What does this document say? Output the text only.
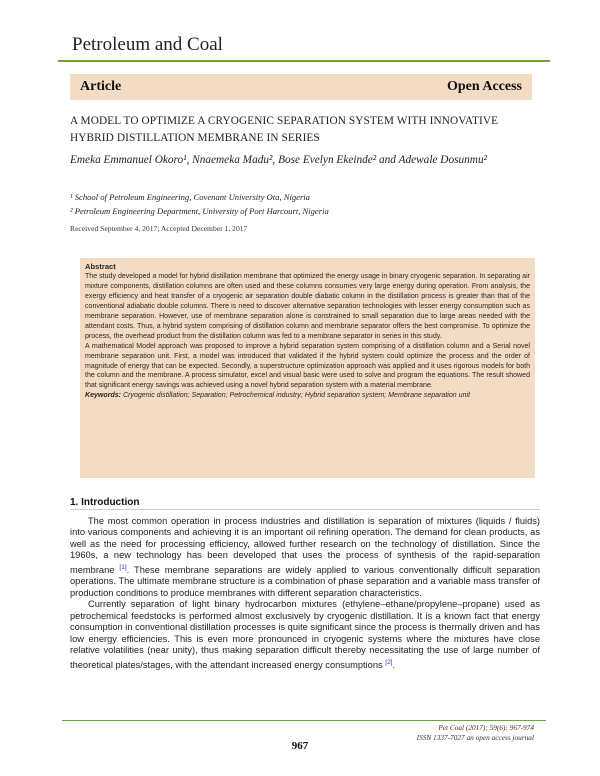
Petroleum and Coal
Article	Open Access
A MODEL TO OPTIMIZE A CRYOGENIC SEPARATION SYSTEM WITH INNOVATIVE HYBRID DISTILLATION MEMBRANE IN SERIES
Emeka Emmanuel Okoro¹, Nnaemeka Madu², Bose Evelyn Ekeinde² and Adewale Dosunmu²
¹ School of Petroleum Engineering, Covenant University Ota, Nigeria
² Petroleum Engineering Department, University of Port Harcourt, Nigeria
Received September 4, 2017; Accepted December 1, 2017

Abstract

The study developed a model for hybrid distillation membrane that optimized the energy usage in binary cryogenic separation. In separating air mixture components, distillation columns are often used and these columns consumes very large energy during operation. From analysis, the exergy efficiency and heat transfer of a cryogenic air separation double diabatic column in the distillation process is greater than that of the conventional adiabatic double columns. There is need to discover alternative separation technologies with lesser energy consumption such as membrane separation. However, use of membrane separation alone is constrained to small separation due to large areas needed with the attendant costs. Thus, a hybrid system comprising of distillation column and membrane separator offers the best compromise. To optimize the process, the overhead product from the distillation column was fed to a membrane separator in series in this study.

A mathematical Model approach was proposed to improve a hybrid separation system comprising of a distillation column and a Serial novel membrane separation unit. First, a model was introduced that validated if the hybrid system could optimize the process and the order of magnitude of energy that can be expected. Secondly, a superstructure optimization approach was applied and it uses rigorous models for both the column and the membrane. A process simulator, excel and visual basic were used to solve and program the equations. The result showed that significant energy savings was achieved using a novel hybrid separation system with a material membrane.

Keywords: Cryogenic distillation; Separation; Petrochemical industry; Hybrid separation system; Membrane separation unit

1. Introduction

The most common operation in process industries and distillation is separation of mixtures (liquids / fluids) into various components and achieving it is an important oil refining operation. The demand for clean products, as well as the need for processing efficiency, allowed further research on the technology of distillation. Since the 1960s, a new technology has been developed that uses the process of synthesis of the rapid-separation membrane [1]. These membrane separations are widely applied to various conventionally difficult separation operations. The ultimate membrane structure is a combination of phase separation and a variable mass transfer of production conditions to produce membranes with different separation characteristics.

Currently separation of light binary hydrocarbon mixtures (ethylene–ethane/propylene–propane) used as petrochemical feedstocks is performed almost exclusively by cryogenic distillation. It is a known fact that energy consumption in conventional distillation processes is quite significant since the process is thermally driven and has low energy efficiencies. This is even more pronounced in cryogenic systems where the mixtures have close relative volatilities (near unity), thus making separation difficult thereby necessitating the use of large number of theoretical plates/stages, with the attendant increased energy consumptions [2].

Pet Coal (2017); 59(6): 967-974
ISSN 1337-7027 an open access journal
967
